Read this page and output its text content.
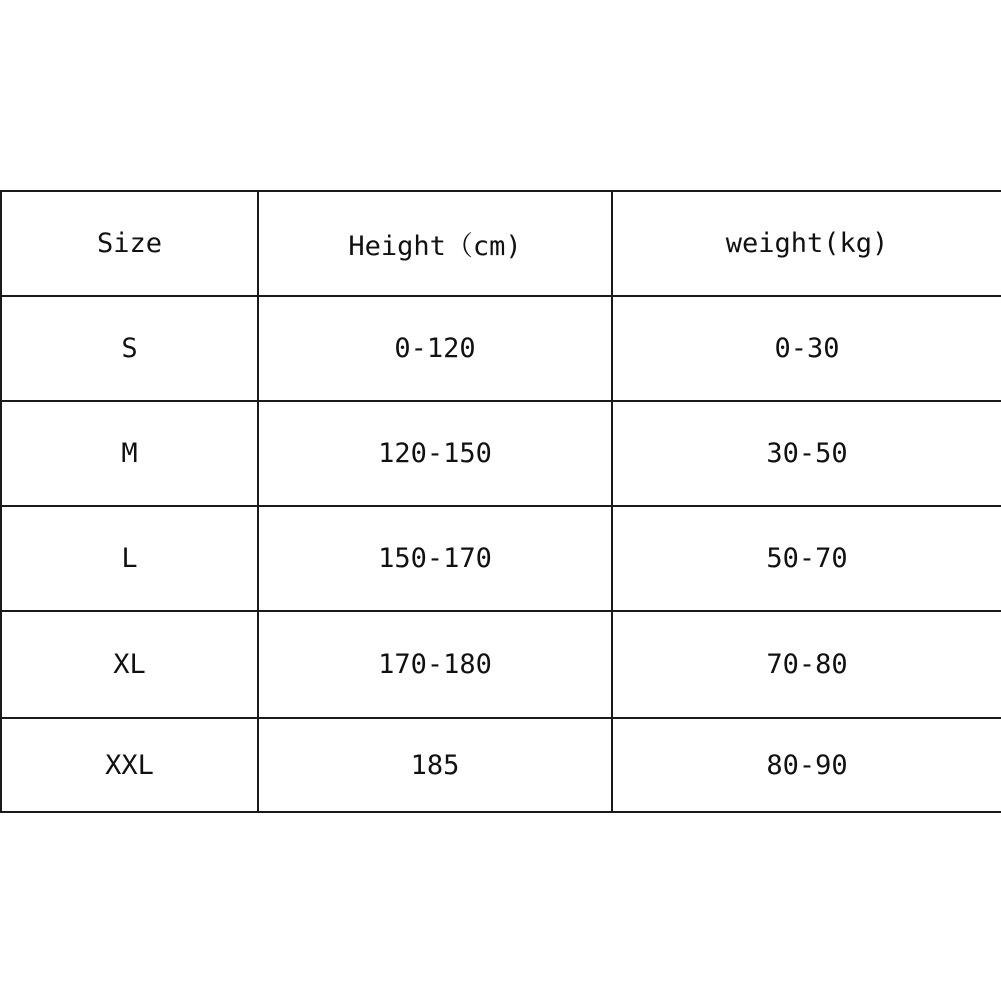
Size	Height（cm)	weight(kg)
S	0-120	0-30
M	120-150	30-50
L	150-170	50-70
XL	170-180	70-80
XXL	185	80-90
